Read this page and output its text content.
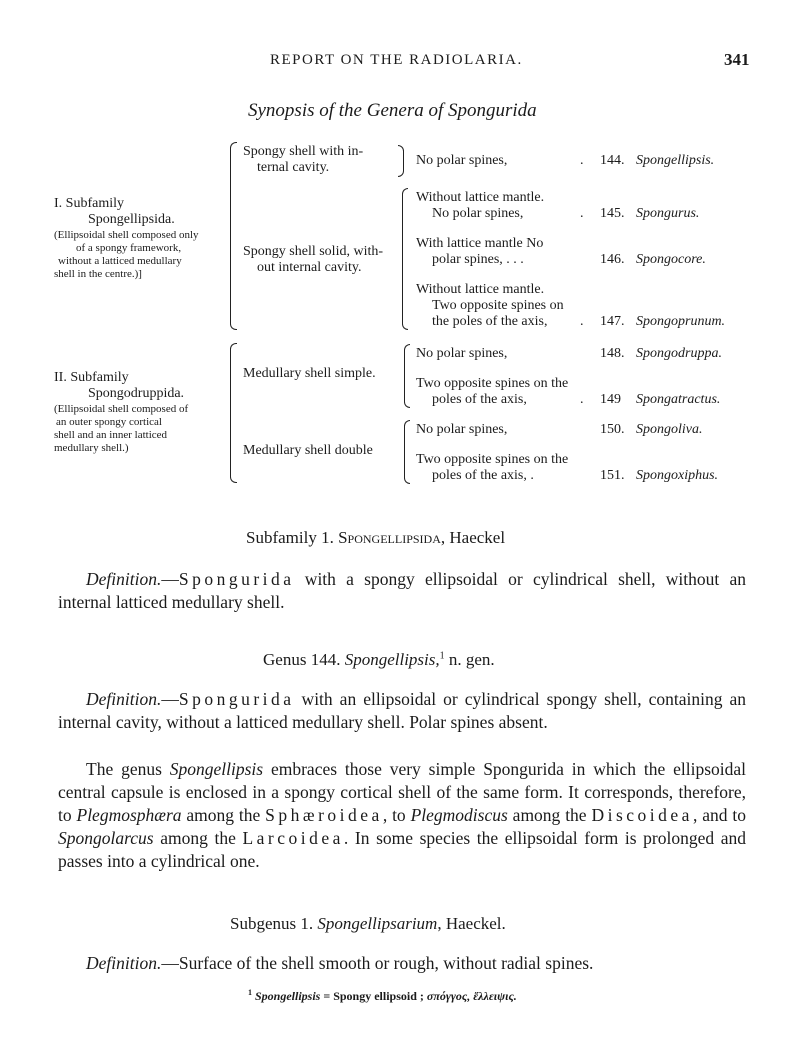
REPORT ON THE RADIOLARIA.	341
Synopsis of the Genera of Spongurida
I. Subfamily
Spongellipsida.
(Ellipsoidal shell composed only
of a spongy framework,
without a latticed medullary
shell in the centre.)]
Spongy shell with in-
ternal cavity.	No polar spines,	. 144. Spongellipsis.
Spongy shell solid, with-
out internal cavity.
Without lattice mantle.
No polar spines,	. 145. Spongurus.
With lattice mantle No
polar spines, . . .	146. Spongocore.
Without lattice mantle.
Two opposite spines on
the poles of the axis,	. 147. Spongoprunum.
II. Subfamily
Spongodruppida.
(Ellipsoidal shell composed of
an outer spongy cortical
shell and an inner latticed
medullary shell.)
Medullary shell simple.
No polar spines,	148. Spongodruppa.
Two opposite spines on the
poles of the axis,	. 149 Spongatractus.
Medullary shell double
No polar spines,	150. Spongoliva.
Two opposite spines on the
poles of the axis, .	151. Spongoxiphus.
Subfamily 1. Spongellipsida, Haeckel
Definition.—Spongurida with a spongy ellipsoidal or cylindrical shell, without an internal latticed medullary shell.
Genus 144. Spongellipsis,$^1$ n. gen.
Definition.—Spongurida with an ellipsoidal or cylindrical spongy shell, containing an internal cavity, without a latticed medullary shell. Polar spines absent.
The genus Spongellipsis embraces those very simple Spongurida in which the ellipsoidal central capsule is enclosed in a spongy cortical shell of the same form. It corresponds, therefore, to Plegmosphæra among the Sphæroidea, to Plegmodiscus among the Discoidea, and to Spongolarcus among the Larcoidea. In some species the ellipsoidal form is prolonged and passes into a cylindrical one.
Subgenus 1. Spongellipsarium, Haeckel.
Definition.—Surface of the shell smooth or rough, without radial spines.
$^1$ Spongellipsis = Spongy ellipsoid ; σπόγγος, ἔλλειψις.
